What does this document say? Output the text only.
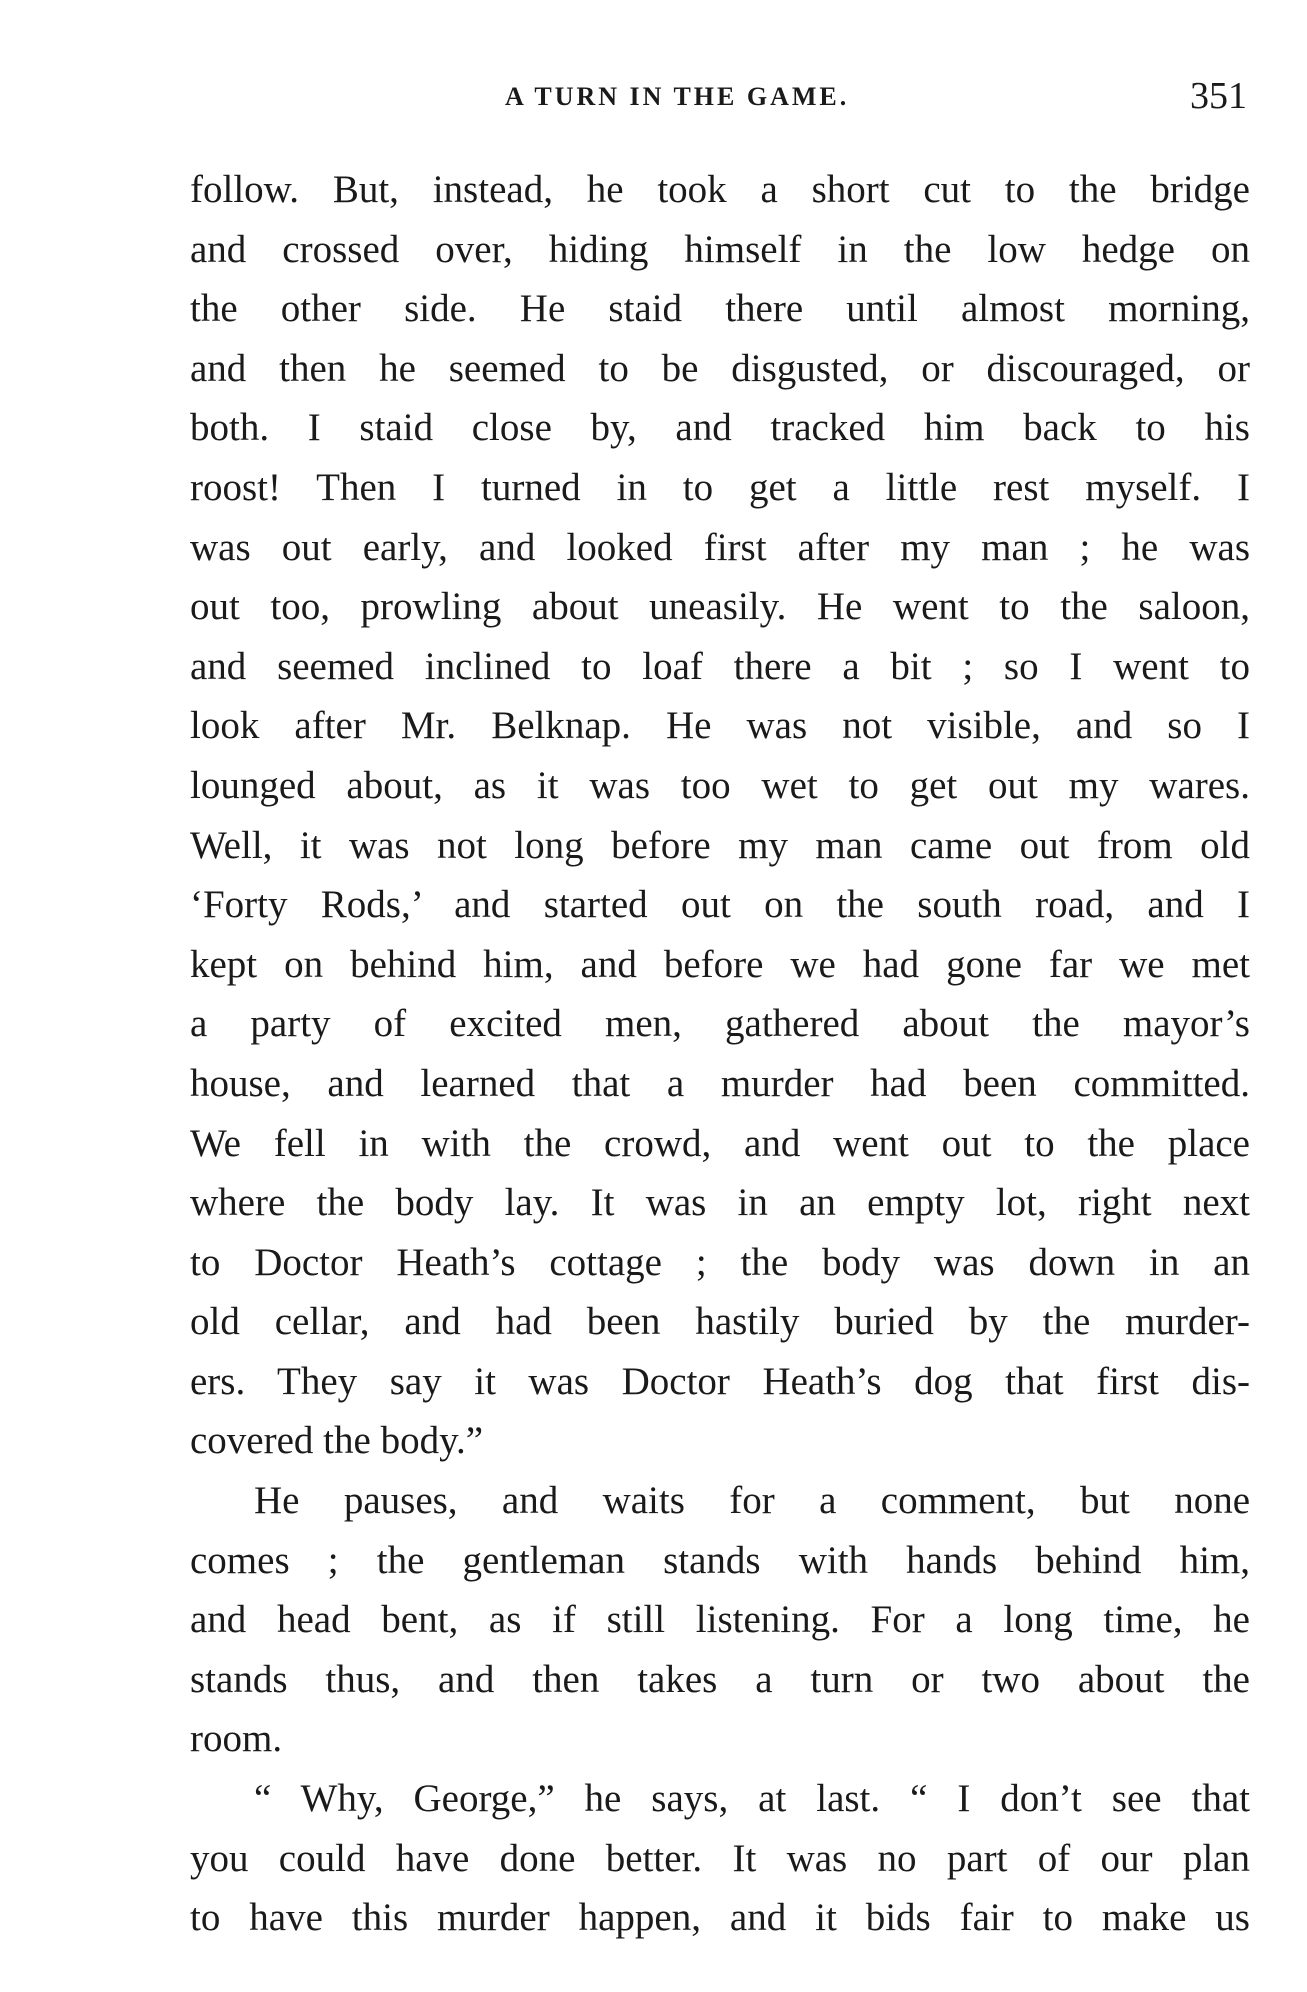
A TURN IN THE GAME.	351
follow. But, instead, he took a short cut to the bridge
and crossed over, hiding himself in the low hedge on
the other side. He staid there until almost morning,
and then he seemed to be disgusted, or discouraged, or
both. I staid close by, and tracked him back to his
roost! Then I turned in to get a little rest myself. I
was out early, and looked first after my man ; he was
out too, prowling about uneasily. He went to the saloon,
and seemed inclined to loaf there a bit ; so I went to
look after Mr. Belknap. He was not visible, and so I
lounged about, as it was too wet to get out my wares.
Well, it was not long before my man came out from old
‘Forty Rods,’ and started out on the south road, and I
kept on behind him, and before we had gone far we met
a party of excited men, gathered about the mayor’s
house, and learned that a murder had been committed.
We fell in with the crowd, and went out to the place
where the body lay. It was in an empty lot, right next
to Doctor Heath’s cottage ; the body was down in an
old cellar, and had been hastily buried by the murder-
ers. They say it was Doctor Heath’s dog that first dis-
covered the body.”
He pauses, and waits for a comment, but none
comes ; the gentleman stands with hands behind him,
and head bent, as if still listening. For a long time, he
stands thus, and then takes a turn or two about the
room.
“ Why, George,” he says, at last. “ I don’t see that
you could have done better. It was no part of our plan
to have this murder happen, and it bids fair to make us
